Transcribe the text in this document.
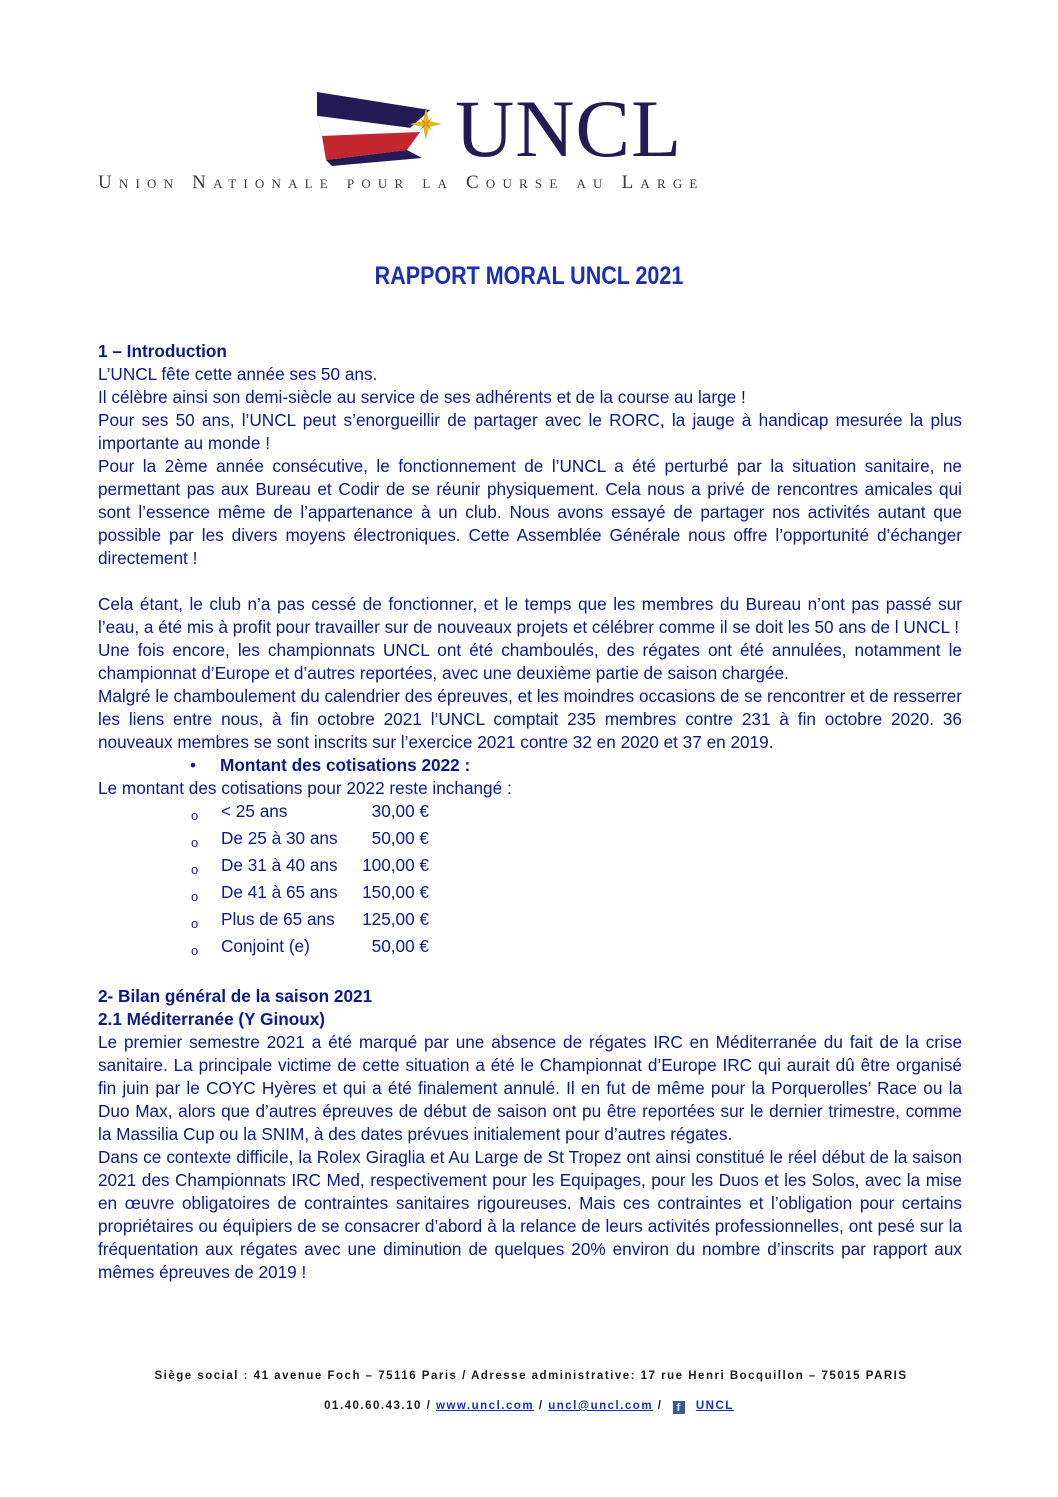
UNCL
Union Nationale pour la Course au Large
RAPPORT MORAL UNCL 2021

1 – Introduction

L’UNCL fête cette année ses 50 ans.

Il célèbre ainsi son demi-siècle au service de ses adhérents et de la course au large !

Pour ses 50 ans, l’UNCL peut s’enorgueillir de partager avec le RORC, la jauge à handicap mesurée la plus importante au monde !

Pour la 2ème année consécutive, le fonctionnement de l’UNCL a été perturbé par la situation sanitaire, ne permettant pas aux Bureau et Codir de se réunir physiquement. Cela nous a privé de rencontres amicales qui sont l’essence même de l’appartenance à un club. Nous avons essayé de partager nos activités autant que possible par les divers moyens électroniques. Cette Assemblée Générale nous offre l’opportunité d’échanger directement !

Cela étant, le club n’a pas cessé de fonctionner, et le temps que les membres du Bureau n’ont pas passé sur l’eau, a été mis à profit pour travailler sur de nouveaux projets et célébrer comme il se doit les 50 ans de l UNCL !

Une fois encore, les championnats UNCL ont été chamboulés, des régates ont été annulées, notamment le championnat d’Europe et d’autres reportées, avec une deuxième partie de saison chargée.

Malgré le chamboulement du calendrier des épreuves, et les moindres occasions de se rencontrer et de resserrer les liens entre nous, à fin octobre 2021 l’UNCL comptait 235 membres contre 231 à fin octobre 2020. 36 nouveaux membres se sont inscrits sur l’exercice 2021 contre 32 en 2020 et 37 en 2019.

•	Montant des cotisations 2022 :

Le montant des cotisations pour 2022 reste inchangé :

o	< 25 ans	30,00 €
o	De 25 à 30 ans	50,00 €
o	De 31 à 40 ans	100,00 €
o	De 41 à 65 ans	150,00 €
o	Plus de 65 ans	125,00 €
o	Conjoint (e)	50,00 €

2- Bilan général de la saison 2021

2.1 Méditerranée (Y Ginoux)

Le premier semestre 2021 a été marqué par une absence de régates IRC en Méditerranée du fait de la crise sanitaire. La principale victime de cette situation a été le Championnat d’Europe IRC qui aurait dû être organisé fin juin par le COYC Hyères et qui a été finalement annulé. Il en fut de même pour la Porquerolles’ Race ou la Duo Max, alors que d’autres épreuves de début de saison ont pu être reportées sur le dernier trimestre, comme la Massilia Cup ou la SNIM, à des dates prévues initialement pour d’autres régates.

Dans ce contexte difficile, la Rolex Giraglia et Au Large de St Tropez ont ainsi constitué le réel début de la saison 2021 des Championnats IRC Med, respectivement pour les Equipages, pour les Duos et les Solos, avec la mise en œuvre obligatoires de contraintes sanitaires rigoureuses. Mais ces contraintes et l’obligation pour certains propriétaires ou équipiers de se consacrer d’abord à la relance de leurs activités professionnelles, ont pesé sur la fréquentation aux régates avec une diminution de quelques 20% environ du nombre d’inscrits par rapport aux mêmes épreuves de 2019 !

Siège social : 41 avenue Foch – 75116 Paris / Adresse administrative: 17 rue Henri Bocquillon – 75015 PARIS
01.40.60.43.10 / www.uncl.com / uncl@uncl.com / f UNCL
